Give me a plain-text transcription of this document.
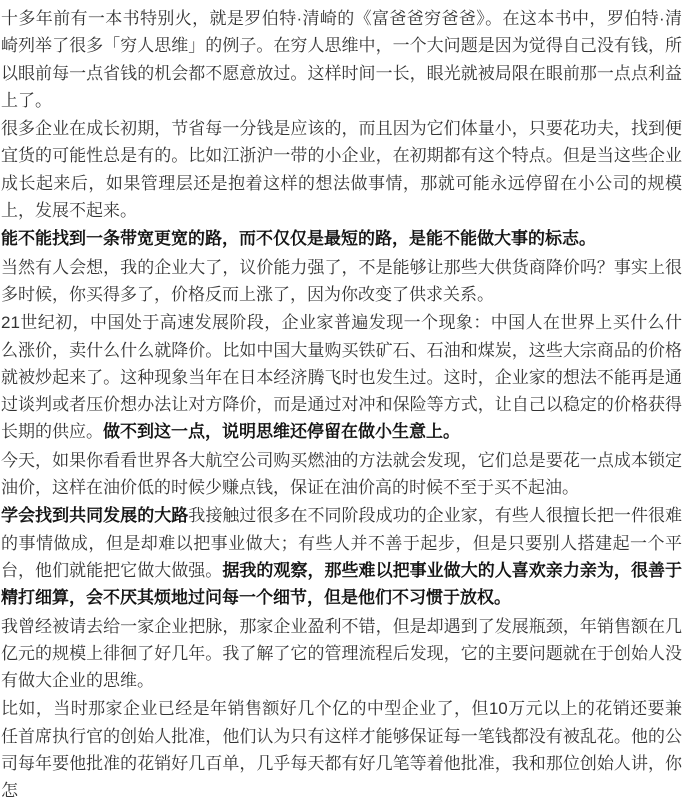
十多年前有一本书特别火，就是罗伯特·清崎的《富爸爸穷爸爸》。在这本书中，罗伯特·清崎列举了很多「穷人思维」的例子。在穷人思维中，一个大问题是因为觉得自己没有钱，所以眼前每一点省钱的机会都不愿意放过。这样时间一长，眼光就被局限在眼前那一点点利益上了。

很多企业在成长初期，节省每一分钱是应该的，而且因为它们体量小，只要花功夫，找到便宜货的可能性总是有的。比如江浙沪一带的小企业，在初期都有这个特点。但是当这些企业成长起来后，如果管理层还是抱着这样的想法做事情，那就可能永远停留在小公司的规模上，发展不起来。

能不能找到一条带宽更宽的路，而不仅仅是最短的路，是能不能做大事的标志。

当然有人会想，我的企业大了，议价能力强了，不是能够让那些大供货商降价吗？事实上很多时候，你买得多了，价格反而上涨了，因为你改变了供求关系。

21世纪初，中国处于高速发展阶段，企业家普遍发现一个现象：中国人在世界上买什么什么涨价，卖什么什么就降价。比如中国大量购买铁矿石、石油和煤炭，这些大宗商品的价格就被炒起来了。这种现象当年在日本经济腾飞时也发生过。这时，企业家的想法不能再是通过谈判或者压价想办法让对方降价，而是通过对冲和保险等方式，让自己以稳定的价格获得长期的供应。做不到这一点，说明思维还停留在做小生意上。

今天，如果你看看世界各大航空公司购买燃油的方法就会发现，它们总是要花一点成本锁定油价，这样在油价低的时候少赚点钱，保证在油价高的时候不至于买不起油。

学会找到共同发展的大路我接触过很多在不同阶段成功的企业家，有些人很擅长把一件很难的事情做成，但是却难以把事业做大；有些人并不善于起步，但是只要别人搭建起一个平台，他们就能把它做大做强。据我的观察，那些难以把事业做大的人喜欢亲力亲为，很善于精打细算，会不厌其烦地过问每一个细节，但是他们不习惯于放权。

我曾经被请去给一家企业把脉，那家企业盈利不错，但是却遇到了发展瓶颈，年销售额在几亿元的规模上徘徊了好几年。我了解了它的管理流程后发现，它的主要问题就在于创始人没有做大企业的思维。

比如，当时那家企业已经是年销售额好几个亿的中型企业了，但10万元以上的花销还要兼任首席执行官的创始人批准，他们认为只有这样才能够保证每一笔钱都没有被乱花。他的公司每年要他批准的花销好几百单，几乎每天都有好几笔等着他批准，我和那位创始人讲，你怎
